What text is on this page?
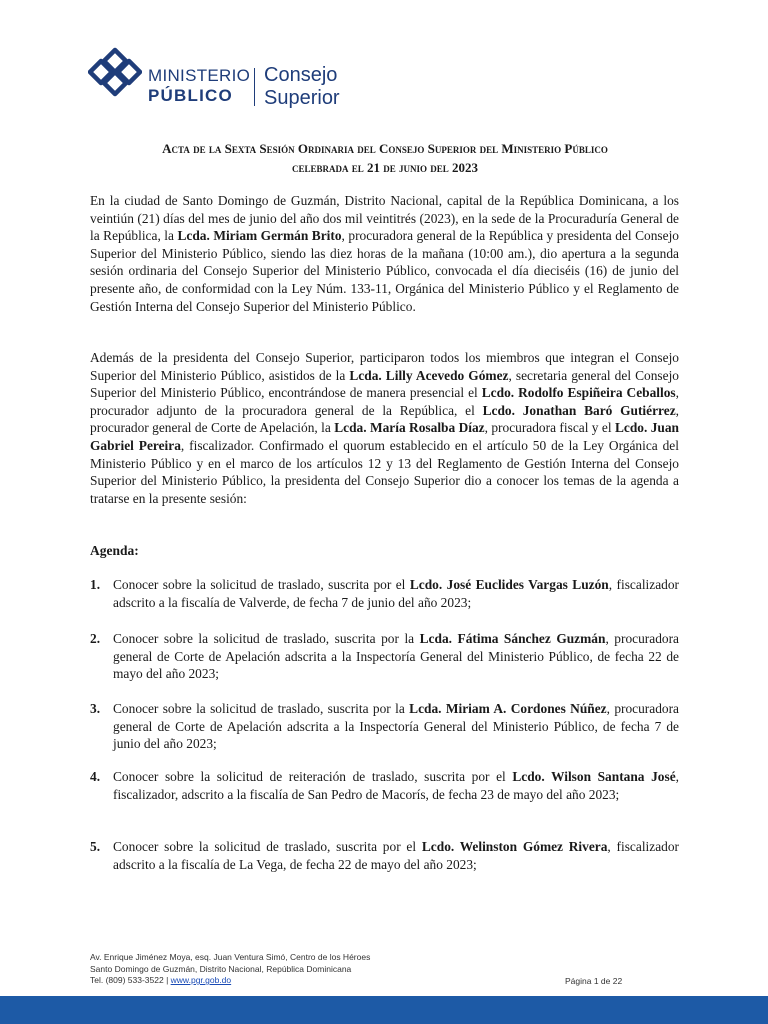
MINISTERIO
PÚBLICO
Consejo
Superior
Acta de la Sexta Sesión Ordinaria del Consejo Superior del Ministerio Público
celebrada el 21 de junio del 2023

En la ciudad de Santo Domingo de Guzmán, Distrito Nacional, capital de la República Dominicana, a los veintiún (21) días del mes de junio del año dos mil veintitrés (2023), en la sede de la Procuraduría General de la República, la Lcda. Miriam Germán Brito, procuradora general de la República y presidenta del Consejo Superior del Ministerio Público, siendo las diez horas de la mañana (10:00 am.), dio apertura a la segunda sesión ordinaria del Consejo Superior del Ministerio Público, convocada el día dieciséis (16) de junio del presente año, de conformidad con la Ley Núm. 133-11, Orgánica del Ministerio Público y el Reglamento de Gestión Interna del Consejo Superior del Ministerio Público.

Además de la presidenta del Consejo Superior, participaron todos los miembros que integran el Consejo Superior del Ministerio Público, asistidos de la Lcda. Lilly Acevedo Gómez, secretaria general del Consejo Superior del Ministerio Público, encontrándose de manera presencial el Lcdo. Rodolfo Espiñeira Ceballos, procurador adjunto de la procuradora general de la República, el Lcdo. Jonathan Baró Gutiérrez, procurador general de Corte de Apelación, la Lcda. María Rosalba Díaz, procuradora fiscal y el Lcdo. Juan Gabriel Pereira, fiscalizador. Confirmado el quorum establecido en el artículo 50 de la Ley Orgánica del Ministerio Público y en el marco de los artículos 12 y 13 del Reglamento de Gestión Interna del Consejo Superior del Ministerio Público, la presidenta del Consejo Superior dio a conocer los temas de la agenda a tratarse en la presente sesión:

Agenda:
1. Conocer sobre la solicitud de traslado, suscrita por el Lcdo. José Euclides Vargas Luzón, fiscalizador adscrito a la fiscalía de Valverde, de fecha 7 de junio del año 2023;
2. Conocer sobre la solicitud de traslado, suscrita por la Lcda. Fátima Sánchez Guzmán, procuradora general de Corte de Apelación adscrita a la Inspectoría General del Ministerio Público, de fecha 22 de mayo del año 2023;
3. Conocer sobre la solicitud de traslado, suscrita por la Lcda. Miriam A. Cordones Núñez, procuradora general de Corte de Apelación adscrita a la Inspectoría General del Ministerio Público, de fecha 7 de junio del año 2023;
4. Conocer sobre la solicitud de reiteración de traslado, suscrita por el Lcdo. Wilson Santana José, fiscalizador, adscrito a la fiscalía de San Pedro de Macorís, de fecha 23 de mayo del año 2023;
5. Conocer sobre la solicitud de traslado, suscrita por el Lcdo. Welinston Gómez Rivera, fiscalizador adscrito a la fiscalía de La Vega, de fecha 22 de mayo del año 2023;
Av. Enrique Jiménez Moya, esq. Juan Ventura Simó, Centro de los Héroes
Santo Domingo de Guzmán, Distrito Nacional, República Dominicana
Tel. (809) 533-3522 | www.pgr.gob.do	Página 1 de 22
